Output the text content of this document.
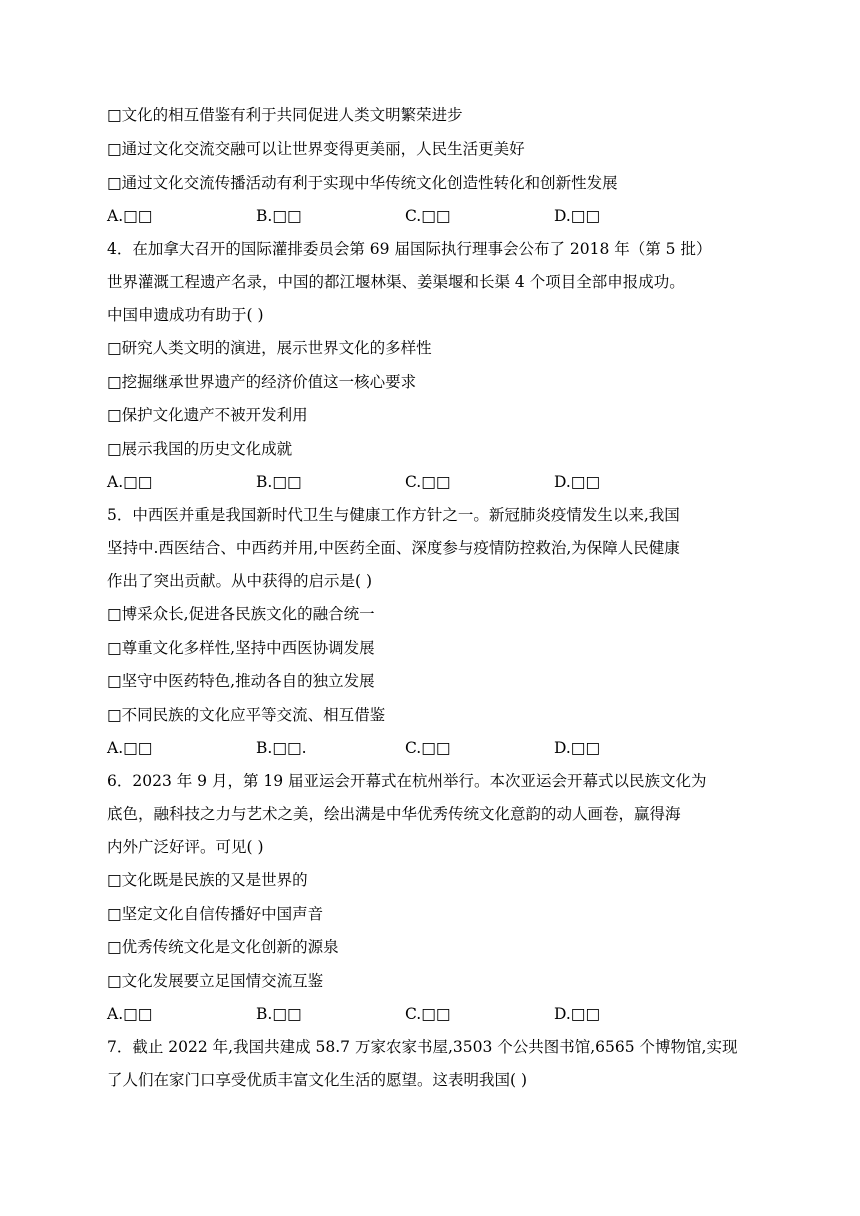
□文化的相互借鉴有利于共同促进人类文明繁荣进步
□通过文化交流交融可以让世界变得更美丽，人民生活更美好
□通过文化交流传播活动有利于实现中华传统文化创造性转化和创新性发展
A.□□	B.□□	C.□□	D.□□
4．在加拿大召开的国际灌排委员会第 69 届国际执行理事会公布了 2018 年（第 5 批）
世界灌溉工程遗产名录，中国的都江堰林渠、姜渠堰和长渠 4 个项目全部申报成功。
中国申遗成功有助于( )
□研究人类文明的演进，展示世界文化的多样性
□挖掘继承世界遗产的经济价值这一核心要求
□保护文化遗产不被开发利用
□展示我国的历史文化成就
A.□□	B.□□	C.□□	D.□□
5．中西医并重是我国新时代卫生与健康工作方针之一。新冠肺炎疫情发生以来,我国
坚持中.西医结合、中西药并用,中医药全面、深度参与疫情防控救治,为保障人民健康
作出了突出贡献。从中获得的启示是( )
□博采众长,促进各民族文化的融合统一
□尊重文化多样性,坚持中西医协调发展
□坚守中医药特色,推动各自的独立发展
□不同民族的文化应平等交流、相互借鉴
A.□□	B.□□.	C.□□	D.□□
6．2023 年 9 月，第 19 届亚运会开幕式在杭州举行。本次亚运会开幕式以民族文化为
底色，融科技之力与艺术之美，绘出满是中华优秀传统文化意韵的动人画卷，赢得海
内外广泛好评。可见( )
□文化既是民族的又是世界的
□坚定文化自信传播好中国声音
□优秀传统文化是文化创新的源泉
□文化发展要立足国情交流互鉴
A.□□	B.□□	C.□□	D.□□
7．截止 2022 年,我国共建成 58.7 万家农家书屋,3503 个公共图书馆,6565 个博物馆,实现
了人们在家门口享受优质丰富文化生活的愿望。这表明我国( )
